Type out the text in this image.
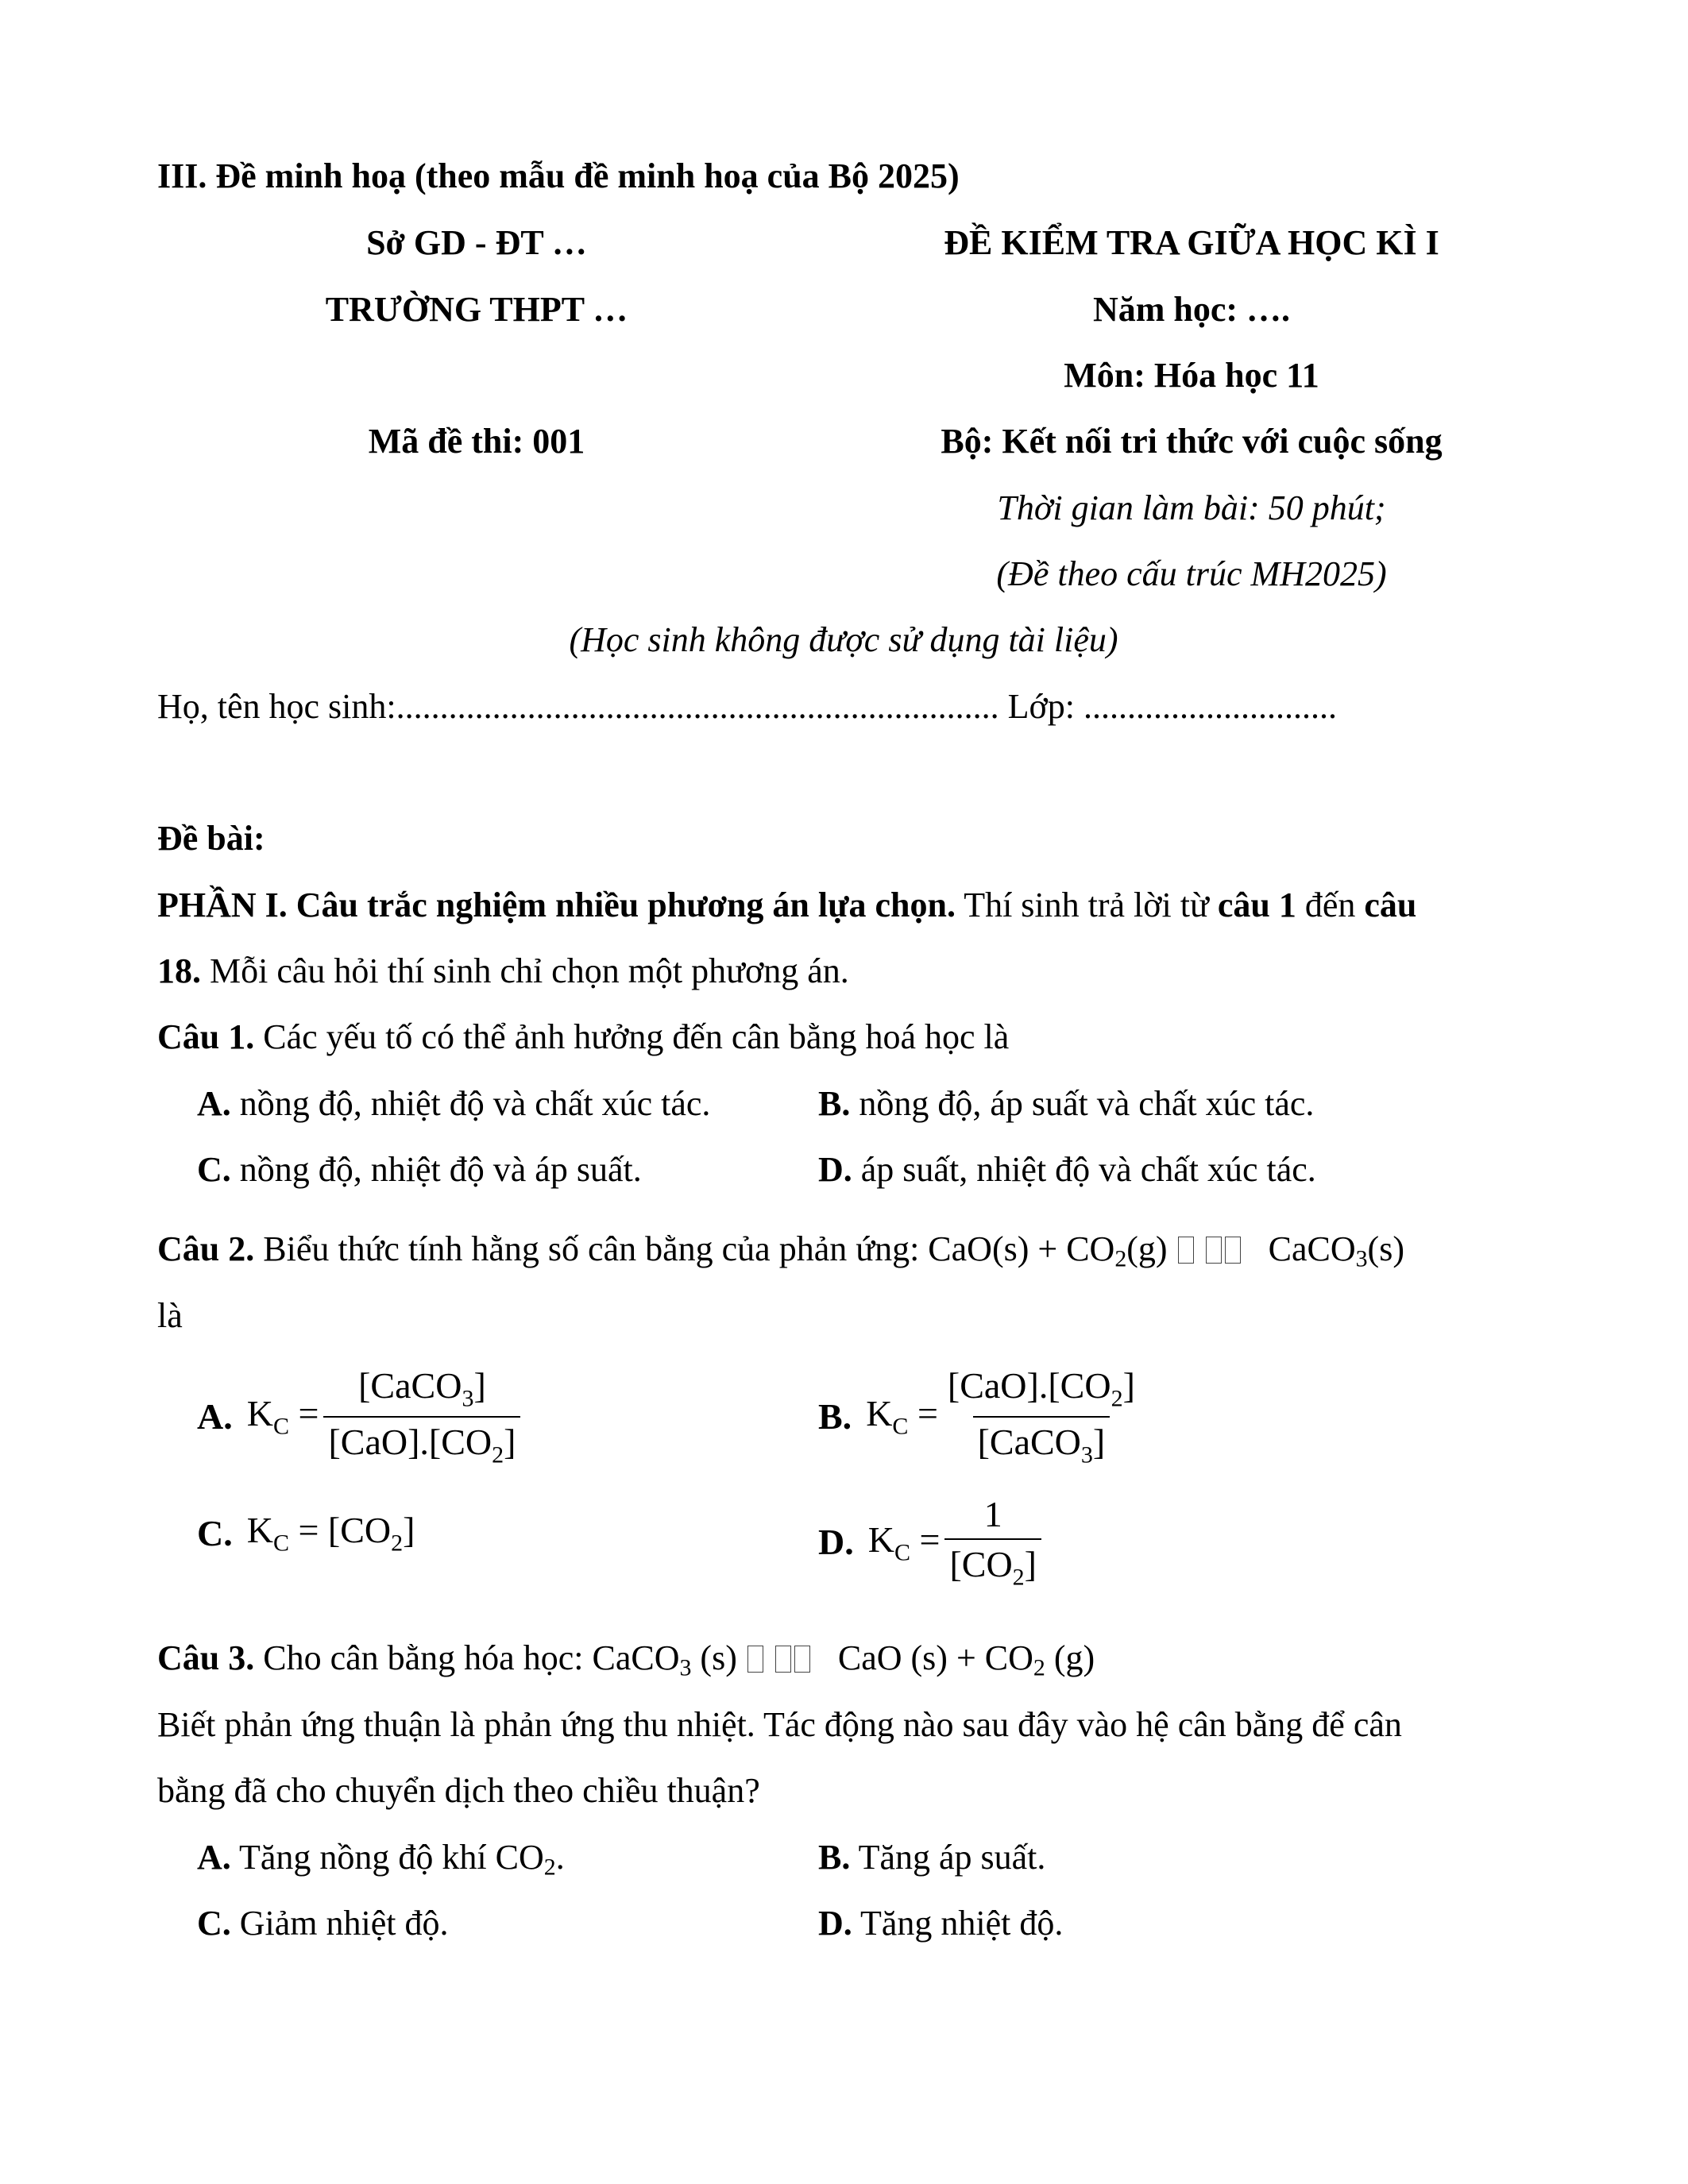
III. Đề minh hoạ (theo mẫu đề minh hoạ của Bộ 2025)
Sở GD - ĐT …
TRƯỜNG THPT …
Mã đề thi: 001
ĐỀ KIỂM TRA GIỮA HỌC KÌ I
Năm học: ….
Môn: Hóa học 11
Bộ: Kết nối tri thức với cuộc sống
Thời gian làm bài: 50 phút;
(Đề theo cấu trúc MH2025)
(Học sinh không được sử dụng tài liệu)
Họ, tên học sinh:..................................................................... Lớp: .............................
Đề bài:
PHẦN I. Câu trắc nghiệm nhiều phương án lựa chọn. Thí sinh trả lời từ câu 1 đến câu
18. Mỗi câu hỏi thí sinh chỉ chọn một phương án.
Câu 1. Các yếu tố có thể ảnh hưởng đến cân bằng hoá học là
A. nồng độ, nhiệt độ và chất xúc tác.	B. nồng độ, áp suất và chất xúc tác.
C. nồng độ, nhiệt độ và áp suất.	D. áp suất, nhiệt độ và chất xúc tác.
Câu 2. Biểu thức tính hằng số cân bằng của phản ứng: $CaO(s) + CO_2(g)$	CaCO$_3$(s)
là
A. $K_C = \frac{[CaCO_3]}{[CaO].[CO_2]}$	B. $K_C = \frac{[CaO].[CO_2]}{[CaCO_3]}$
C. $K_C = [CO_2]$	D. $K_C = \frac{1}{[CO_2]}$
Câu 3. Cho cân bằng hóa học: CaCO$_3$ (s)	CaO $(s) + CO_2$ (g)
Biết phản ứng thuận là phản ứng thu nhiệt. Tác động nào sau đây vào hệ cân bằng để cân
bằng đã cho chuyển dịch theo chiều thuận?
A. Tăng nồng độ khí $CO_2$.	B. Tăng áp suất.
C. Giảm nhiệt độ.	D. Tăng nhiệt độ.
